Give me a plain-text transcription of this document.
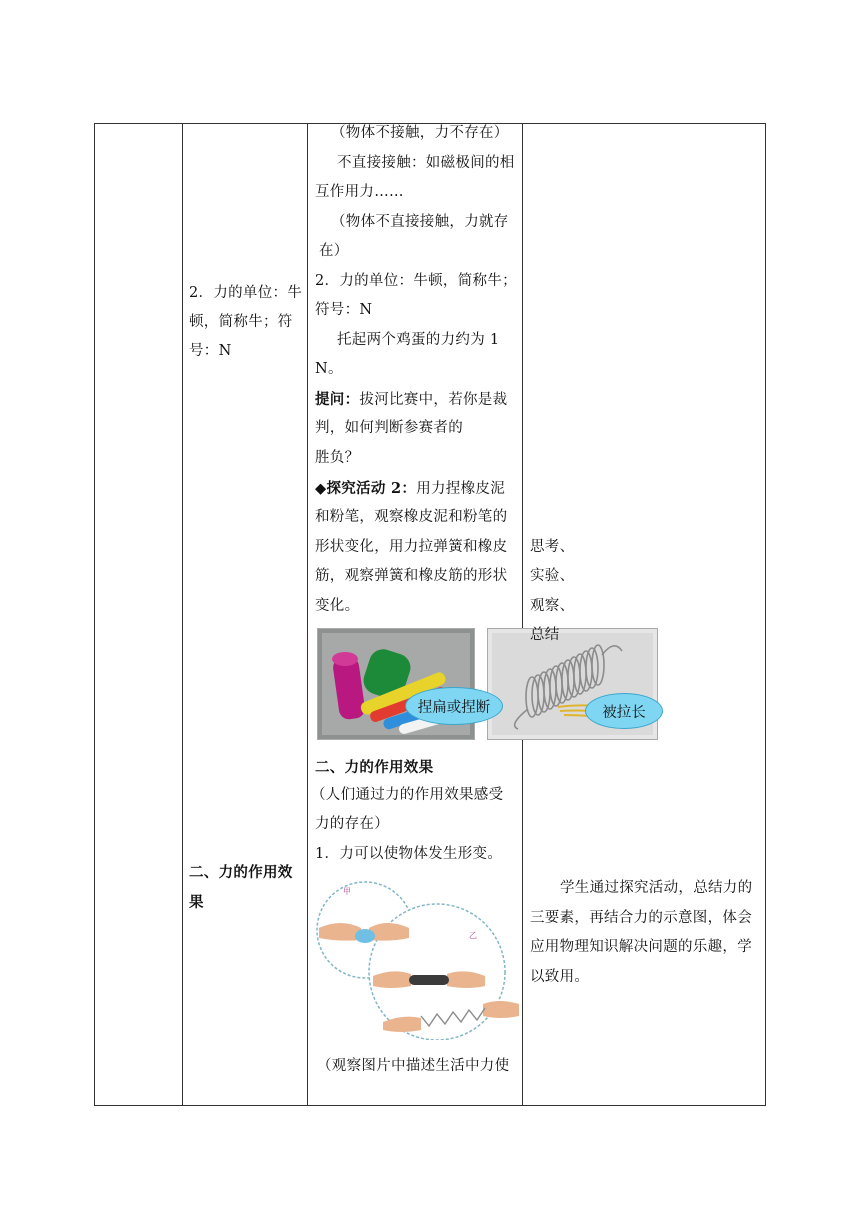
2．力的单位：牛
顿，简称牛；符
号：N
二、力的作用效
果
（物体不接触，力不存在）
不直接接触：如磁极间的相
互作用力……
（物体不直接接触，力就存
在）
2．力的单位：牛顿，简称牛；
符号：N
托起两个鸡蛋的力约为 1
N。
提问：拔河比赛中，若你是裁
判，如何判断参赛者的
胜负？
◆探究活动 2：用力捏橡皮泥
和粉笔，观察橡皮泥和粉笔的
形状变化，用力拉弹簧和橡皮
筋，观察弹簧和橡皮筋的形状
变化。
捏扁或捏断	被拉长
二、力的作用效果
（人们通过力的作用效果感受
力的存在）
1．力可以使物体发生形变。
甲
乙
（观察图片中描述生活中力使
思考、
实验、
观察、
总结
学生通过探究活动，总结力的
三要素，再结合力的示意图，体会
应用物理知识解决问题的乐趣，学
以致用。
